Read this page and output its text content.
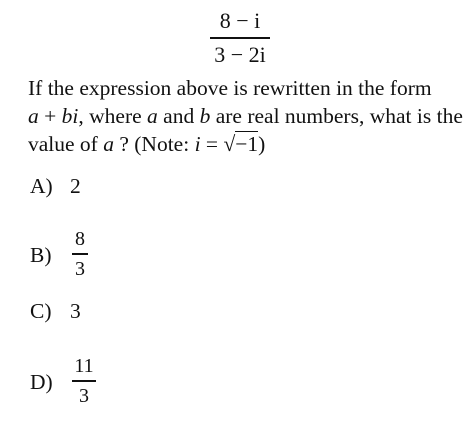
8 − i
3 − 2i
If the expression above is rewritten in the form
a + bi, where a and b are real numbers, what is the
value of a ? (Note: i = √−1)
A) 2
B)	$\frac{8}{3}$
C) 3
$D) \frac{11}{3}$
